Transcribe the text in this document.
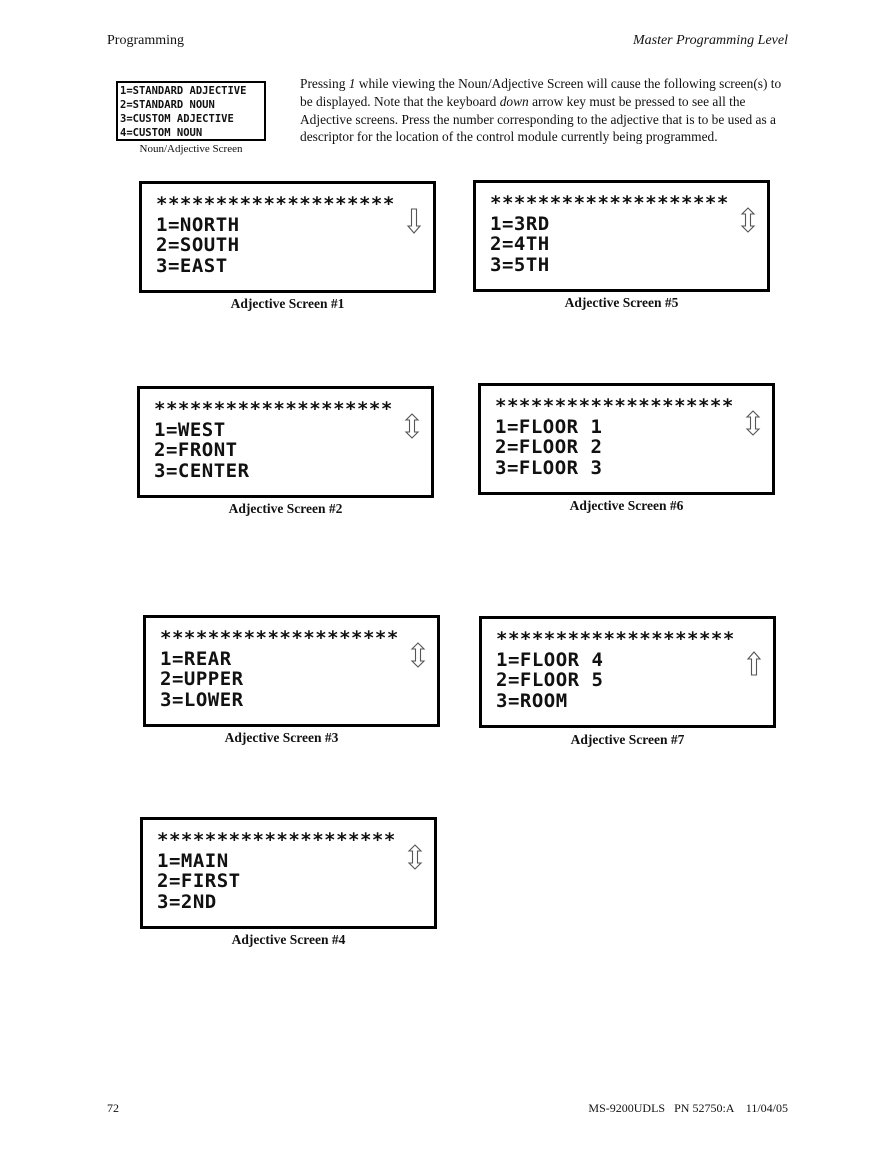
Programming	Master Programming Level
1=STANDARD ADJECTIVE
2=STANDARD NOUN
3=CUSTOM ADJECTIVE
4=CUSTOM NOUN
Noun/Adjective Screen
Pressing 1 while viewing the Noun/Adjective Screen will cause the following screen(s) to be displayed. Note that the keyboard down arrow key must be pressed to see all the Adjective screens. Press the number corresponding to the adjective that is to be used as a descriptor for the location of the control module currently being programmed.
********************
1=NORTH
2=SOUTH
3=EAST
Adjective Screen #1
********************
1=3RD
2=4TH
3=5TH
Adjective Screen #5
********************
1=WEST
2=FRONT
3=CENTER
Adjective Screen #2
********************
1=FLOOR 1
2=FLOOR 2
3=FLOOR 3
Adjective Screen #6
********************
1=REAR
2=UPPER
3=LOWER
Adjective Screen #3
********************
1=FLOOR 4
2=FLOOR 5
3=ROOM
Adjective Screen #7
********************
1=MAIN
2=FIRST
3=2ND
Adjective Screen #4
72	MS-9200UDLS   PN 52750:A    11/04/05
